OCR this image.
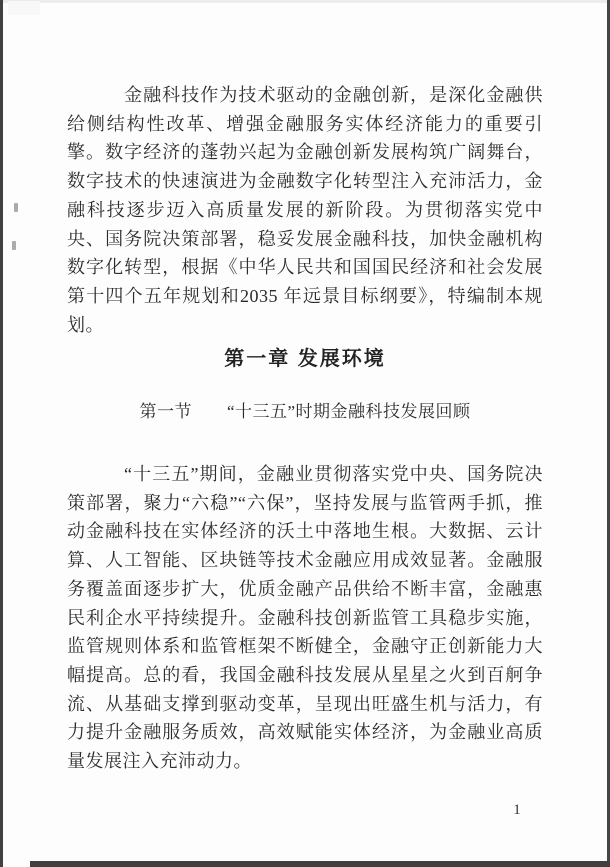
金融科技作为技术驱动的金融创新，是深化金融供给侧结构性改革、增强金融服务实体经济能力的重要引擎。数字经济的蓬勃兴起为金融创新发展构筑广阔舞台，数字技术的快速演进为金融数字化转型注入充沛活力，金融科技逐步迈入高质量发展的新阶段。为贯彻落实党中央、国务院决策部署，稳妥发展金融科技，加快金融机构数字化转型，根据《中华人民共和国国民经济和社会发展第十四个五年规划和2035 年远景目标纲要》，特编制本规划。

第一章 发展环境
第一节　　“十三五”时期金融科技发展回顾

“十三五”期间，金融业贯彻落实党中央、国务院决策部署，聚力“六稳”“六保”，坚持发展与监管两手抓，推动金融科技在实体经济的沃土中落地生根。大数据、云计算、人工智能、区块链等技术金融应用成效显著。金融服务覆盖面逐步扩大，优质金融产品供给不断丰富，金融惠民利企水平持续提升。金融科技创新监管工具稳步实施，监管规则体系和监管框架不断健全，金融守正创新能力大幅提高。总的看，我国金融科技发展从星星之火到百舸争流、从基础支撑到驱动变革，呈现出旺盛生机与活力，有力提升金融服务质效，高效赋能实体经济，为金融业高质量发展注入充沛动力。

1
